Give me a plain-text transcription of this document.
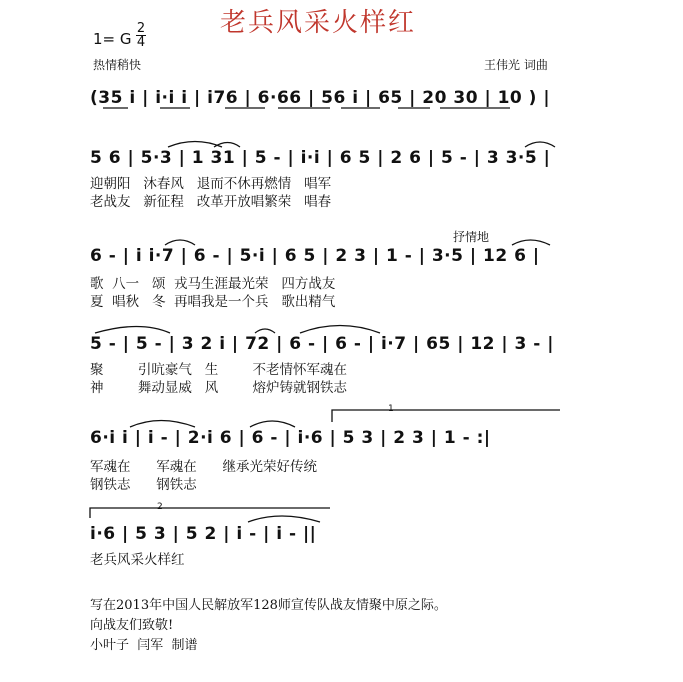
老兵风采火样红
1= G
2
4
热情稍快	王伟光 词曲
(35 i | i·i i | i76 | 6·66 | 56 i | 65 | 20 30 | 10 ) |
5 6 | 5·3 | 1 31 | 5 - | i·i | 6 5 | 2 6 | 5 - | 3 3·5 |
迎朝阳   沐春风   退而不休再燃情   唱军
老战友   新征程   改革开放唱繁荣   唱春
抒情地
6 - | i i·7 | 6 - | 5·i | 6 5 | 2 3 | 1 - | 3·5 | 12 6 |
歌  八一   颂  戎马生涯最光荣   四方战友
夏  唱秋   冬  再唱我是一个兵   歌出精气
5 - | 5 - | 3 2 i | 72 | 6 - | 6 - | i·7 | 65 | 12 | 3 - |
聚        引吭豪气   生        不老情怀军魂在
神        舞动显威   风        熔炉铸就钢铁志
1
6·i i | i - | 2·i 6 | 6 - | i·6 | 5 3 | 2 3 | 1 - :|
军魂在      军魂在      继承光荣好传统
钢铁志      钢铁志
2
i·6 | 5 3 | 5 2 | i - | i - ||
老兵风采火样红
写在2013年中国人民解放军128师宣传队战友情聚中原之际。
向战友们致敬!
小叶子  闫军  制谱
